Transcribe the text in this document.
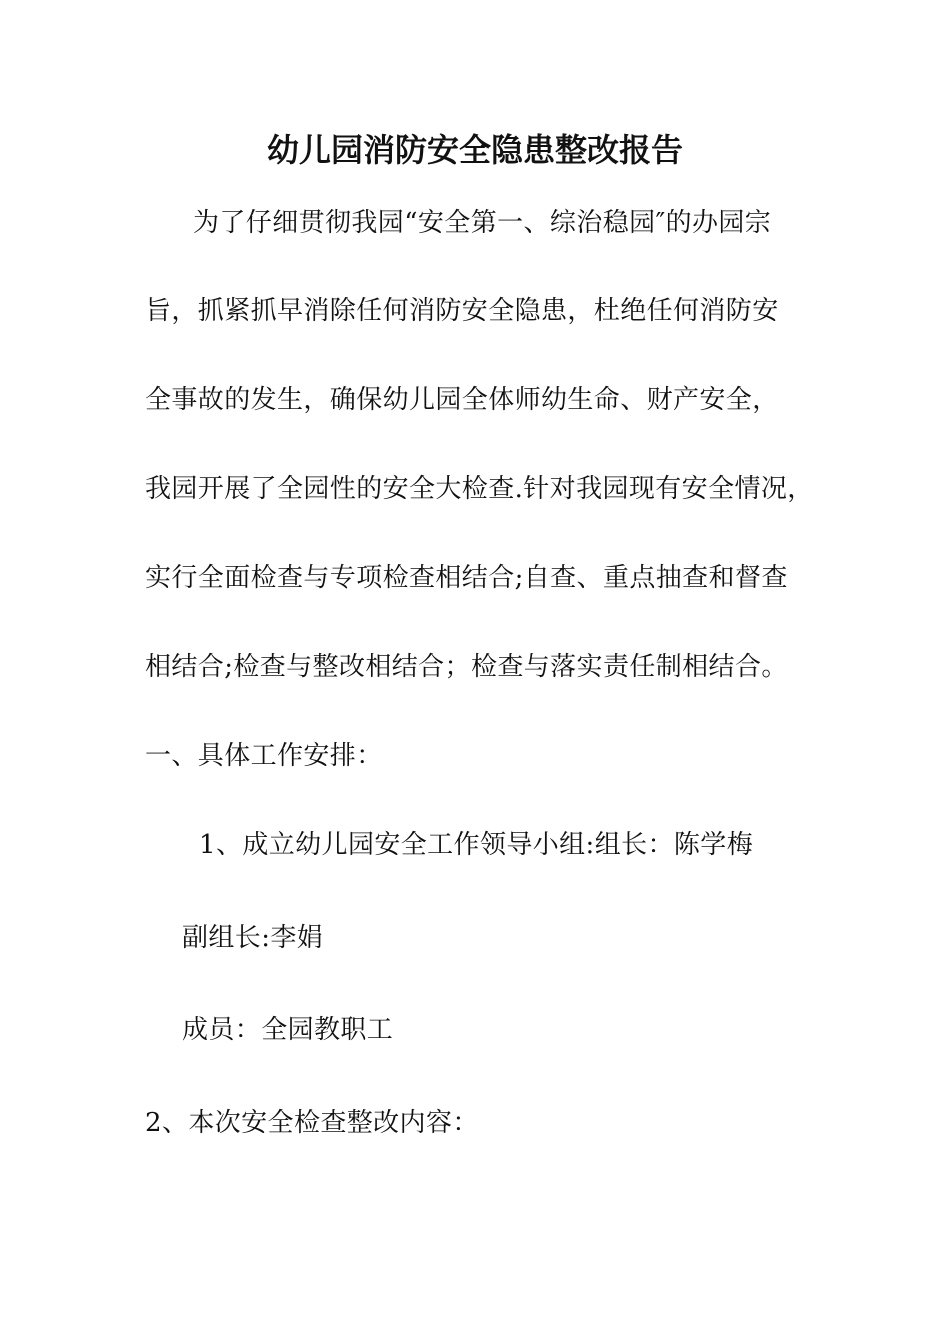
幼儿园消防安全隐患整改报告
为了仔细贯彻我园“安全第一、综治稳园″的办园宗
旨，抓紧抓早消除任何消防安全隐患，杜绝任何消防安
全事故的发生，确保幼儿园全体师幼生命、财产安全，
我园开展了全园性的安全大检查.针对我园现有安全情况，
实行全面检查与专项检查相结合;自查、重点抽查和督查
相结合;检查与整改相结合；检查与落实责任制相结合。
一、具体工作安排：
1、成立幼儿园安全工作领导小组:组长：陈学梅
副组长:李娟
成员：全园教职工
2、本次安全检查整改内容：
